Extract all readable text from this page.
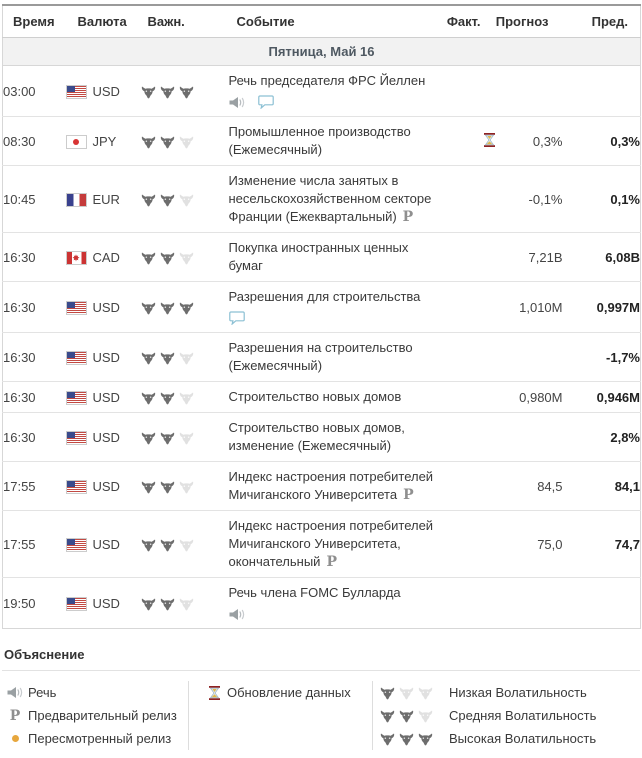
Время	Валюта	Важн.	Событие	Факт.	Прогноз	Пред.
Пятница, Май 16						
03:00	USD		Речь председателя ФРС Йеллен

08:30	JPY		Промышленное производство (Ежемесячный)		0,3%	0,3%
10:45	EUR		Изменение числа занятых в несельскохозяйственном секторе Франции (Ежеквартальный) P		-0,1%	0,1%
16:30	CAD		Покупка иностранных ценных бумаг		7,21B	6,08B
16:30	USD		Разрешения для строительства		1,010M	0,997M
16:30	USD		Разрешения на строительство (Ежемесячный)			-1,7%
16:30	USD		Строительство новых домов		0,980M	0,946M
16:30	USD		Строительство новых домов, изменение (Ежемесячный)			2,8%
17:55	USD		Индекс настроения потребителей Мичиганского Университета P		84,5	84,1
17:55	USD		Индекс настроения потребителей Мичиганского Университета, окончательный P		75,0	74,7
19:50	USD		Речь члена FOMC Булларда

Объяснение
Речь
P Предварительный релиз
Пересмотренный релиз
Обновление данных	Низкая Волатильность
Средняя Волатильность
Высокая Волатильность
